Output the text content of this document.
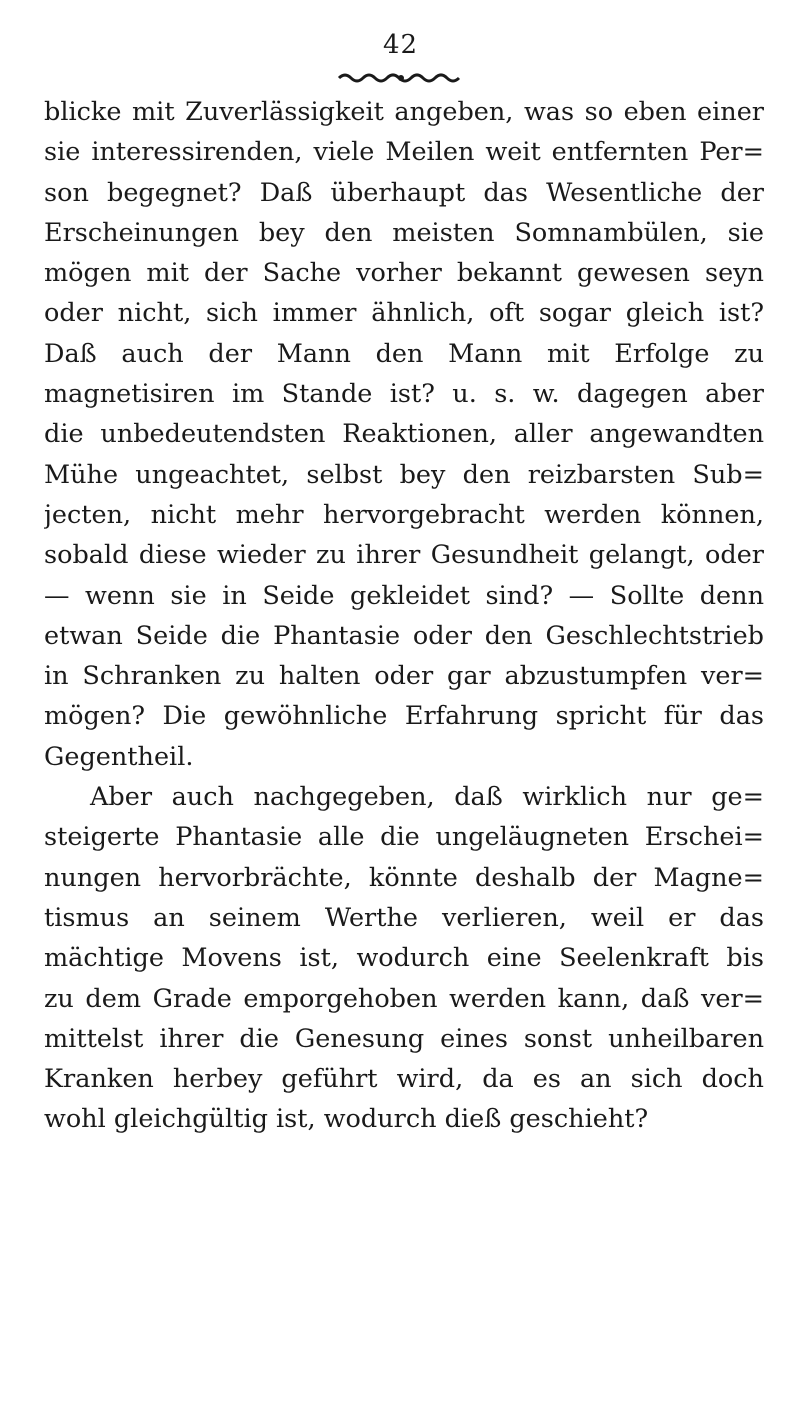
42
blicke mit Zuverlässigkeit angeben, was so eben einer
sie interessirenden, viele Meilen weit entfernten Per=
son begegnet? Daß überhaupt das Wesentliche der
Erscheinungen bey den meisten Somnambülen, sie
mögen mit der Sache vorher bekannt gewesen seyn
oder nicht, sich immer ähnlich, oft sogar gleich ist?
Daß auch der Mann den Mann mit Erfolge zu
magnetisiren im Stande ist? u. s. w. dagegen aber
die unbedeutendsten Reaktionen, aller angewandten
Mühe ungeachtet, selbst bey den reizbarsten Sub=
jecten, nicht mehr hervorgebracht werden können,
sobald diese wieder zu ihrer Gesundheit gelangt, oder
— wenn sie in Seide gekleidet sind? — Sollte denn
etwan Seide die Phantasie oder den Geschlechtstrieb
in Schranken zu halten oder gar abzustumpfen ver=
mögen? Die gewöhnliche Erfahrung spricht für das
Gegentheil.
Aber auch nachgegeben, daß wirklich nur ge=
steigerte Phantasie alle die ungeläugneten Erschei=
nungen hervorbrächte, könnte deshalb der Magne=
tismus an seinem Werthe verlieren, weil er das
mächtige Movens ist, wodurch eine Seelenkraft bis
zu dem Grade emporgehoben werden kann, daß ver=
mittelst ihrer die Genesung eines sonst unheilbaren
Kranken herbey geführt wird, da es an sich doch
wohl gleichgültig ist, wodurch dieß geschieht?
